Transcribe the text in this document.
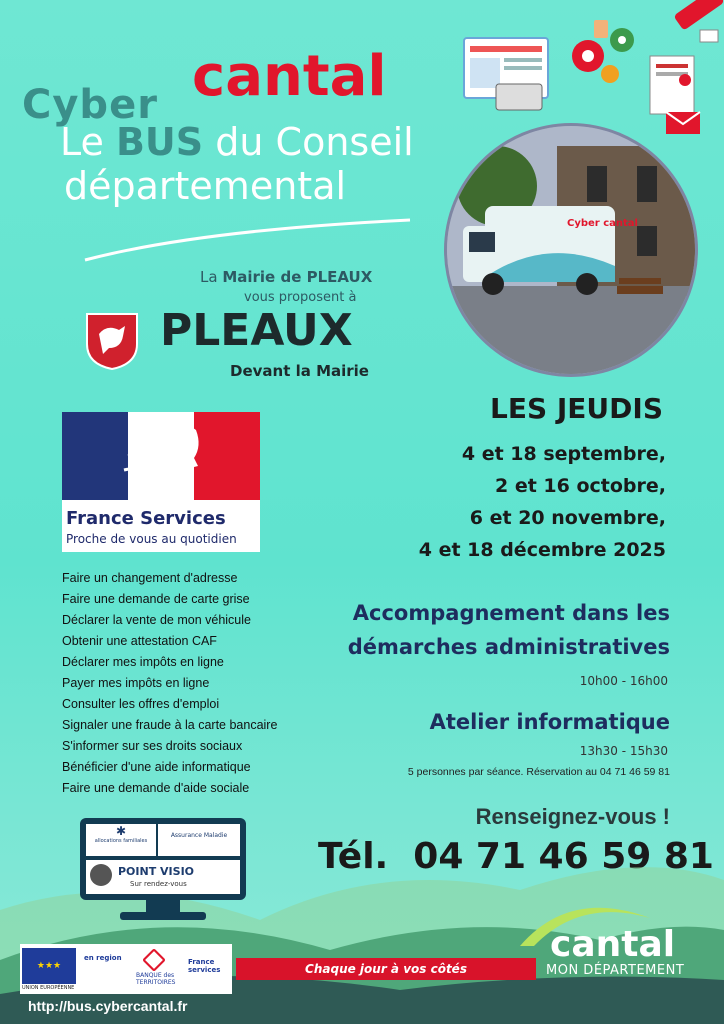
Cyber cantal
Cyber cantal
Le BUS du Conseil
départemental
La Mairie de PLEAUX
vous proposent à
PLEAUX
Devant la Mairie
France Services
Proche de vous au quotidien
Faire un changement d'adresse
Faire une demande de carte grise
Déclarer la vente de mon véhicule
Obtenir une attestation CAF
Déclarer mes impôts en ligne
Payer mes impôts en ligne
Consulter les offres d'emploi
Signaler une fraude à la carte bancaire
S'informer sur ses droits sociaux
Bénéficier d'une aide informatique
Faire une demande d'aide sociale
LES JEUDIS
4 et 18 septembre,
2 et 16 octobre,
6 et 20 novembre,
4 et 18 décembre 2025
Accompagnement dans les
démarches administratives
10h00 - 16h00
Atelier informatique
13h30 - 15h30
5 personnes par séance. Réservation au 04 71 46 59 81
Renseignez-vous !
Tél. 04 71 46 59 81
✱
allocations familiales
Assurance Maladie
POINT VISIO
Sur rendez-vous
★★★
UNION EUROPÉENNE
en region
BANQUE des TERRITOIRES
France services	Chaque jour à vos côtés
cantal
MON DÉPARTEMENT
http://bus.cybercantal.fr
